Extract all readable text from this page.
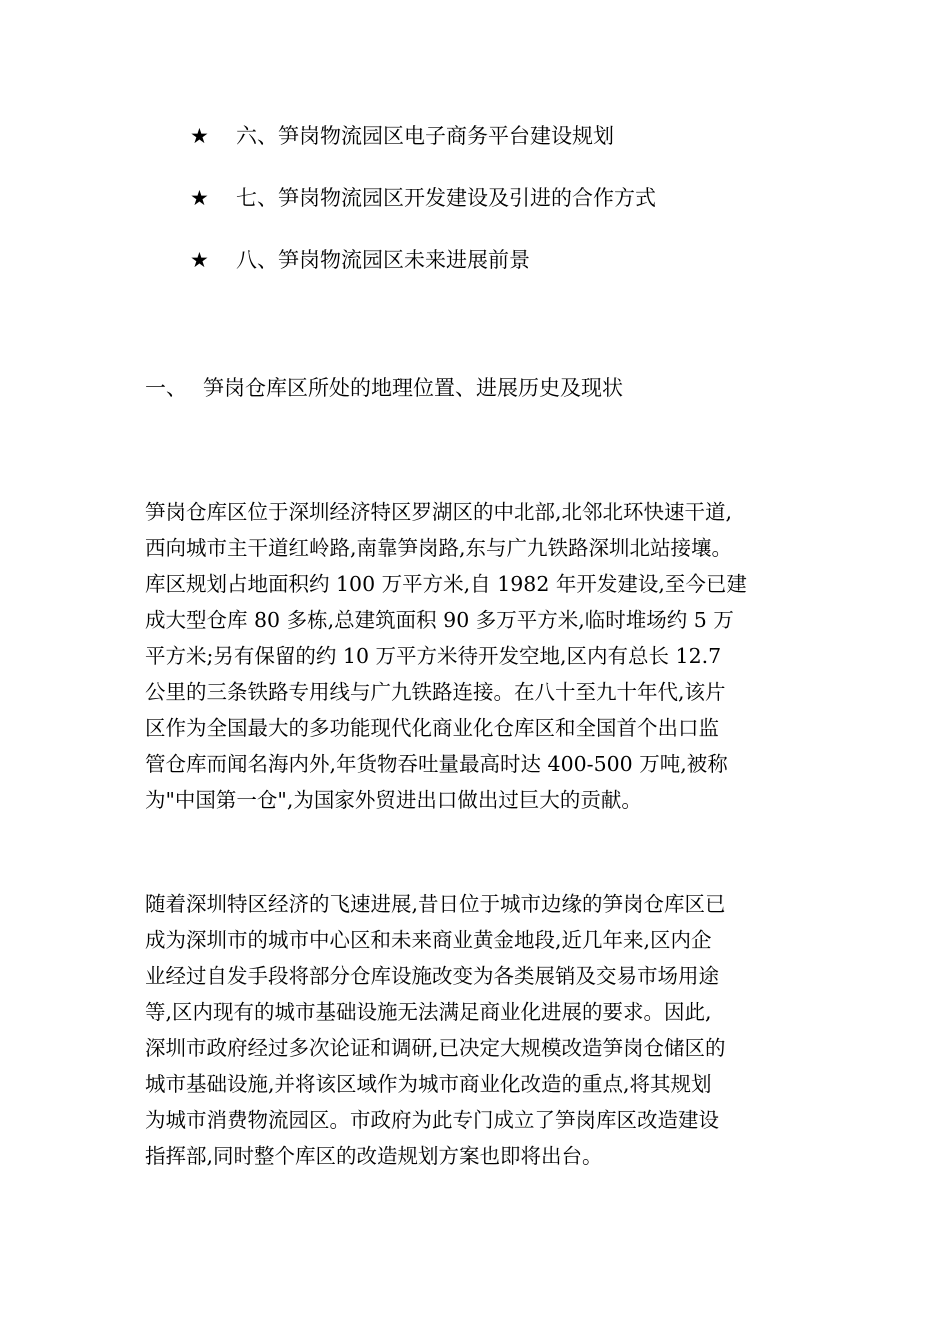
★ 六、笋岗物流园区电子商务平台建设规划
★ 七、笋岗物流园区开发建设及引进的合作方式
★ 八、笋岗物流园区未来进展前景
一、 笋岗仓库区所处的地理位置、进展历史及现状
笋岗仓库区位于深圳经济特区罗湖区的中北部,北邻北环快速干道,
西向城市主干道红岭路,南靠笋岗路,东与广九铁路深圳北站接壤。
库区规划占地面积约 100 万平方米,自 1982 年开发建设,至今已建
成大型仓库 80 多栋,总建筑面积 90 多万平方米,临时堆场约 5 万
平方米;另有保留的约 10 万平方米待开发空地,区内有总长 12.7
公里的三条铁路专用线与广九铁路连接。在八十至九十年代,该片
区作为全国最大的多功能现代化商业化仓库区和全国首个出口监
管仓库而闻名海内外,年货物吞吐量最高时达 400-500 万吨,被称
为"中国第一仓",为国家外贸进出口做出过巨大的贡献。
随着深圳特区经济的飞速进展,昔日位于城市边缘的笋岗仓库区已
成为深圳市的城市中心区和未来商业黄金地段,近几年来,区内企
业经过自发手段将部分仓库设施改变为各类展销及交易市场用途
等,区内现有的城市基础设施无法满足商业化进展的要求。因此,
深圳市政府经过多次论证和调研,已决定大规模改造笋岗仓储区的
城市基础设施,并将该区域作为城市商业化改造的重点,将其规划
为城市消费物流园区。市政府为此专门成立了笋岗库区改造建设
指挥部,同时整个库区的改造规划方案也即将出台。
